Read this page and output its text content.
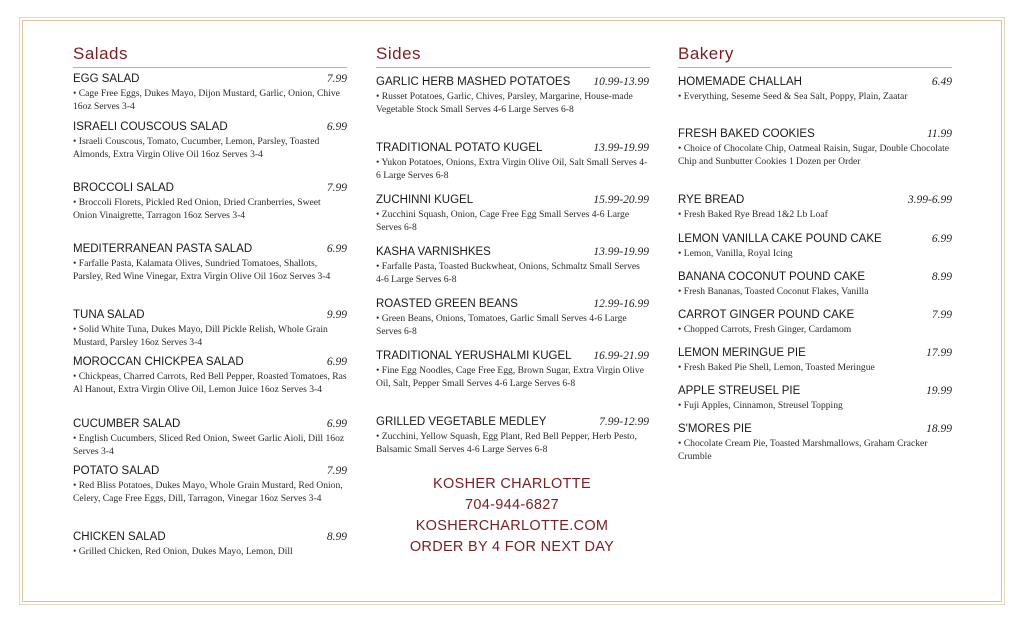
Salads
EGG SALAD	7.99
• Cage Free Eggs, Dukes Mayo, Dijon Mustard, Garlic, Onion, Chive 16oz Serves 3-4
ISRAELI COUSCOUS SALAD	6.99
• Israeli Couscous, Tomato, Cucumber, Lemon, Parsley, Toasted Almonds, Extra Virgin Olive Oil 16oz Serves 3-4
BROCCOLI SALAD	7.99
• Broccoli Florets, Pickled Red Onion, Dried Cranberries, Sweet Onion Vinaigrette, Tarragon 16oz Serves 3-4
MEDITERRANEAN PASTA SALAD	6.99
• Farfalle Pasta, Kalamata Olives, Sundried Tomatoes, Shallots, Parsley, Red Wine Vinegar, Extra Virgin Olive Oil 16oz Serves 3-4
TUNA SALAD	9.99
• Solid White Tuna, Dukes Mayo, Dill Pickle Relish, Whole Grain Mustard, Parsley 16oz Serves 3-4
MOROCCAN CHICKPEA SALAD	6.99
• Chickpeas, Charred Carrots, Red Bell Pepper, Roasted Tomatoes, Ras Al Hanout, Extra Virgin Olive Oil, Lemon Juice 16oz Serves 3-4
CUCUMBER SALAD	6.99
• English Cucumbers, Sliced Red Onion, Sweet Garlic Aioli, Dill 16oz Serves 3-4
POTATO SALAD	7.99
• Red Bliss Potatoes, Dukes Mayo, Whole Grain Mustard, Red Onion, Celery, Cage Free Eggs, Dill, Tarragon, Vinegar 16oz Serves 3-4
CHICKEN SALAD	8.99
• Grilled Chicken, Red Onion, Dukes Mayo, Lemon, Dill
Sides
GARLIC HERB MASHED POTATOES	10.99-13.99
• Russet Potatoes, Garlic, Chives, Parsley, Margarine, House-made Vegetable Stock Small Serves 4-6 Large Serves 6-8
TRADITIONAL POTATO KUGEL	13.99-19.99
• Yukon Potatoes, Onions, Extra Virgin Olive Oil, Salt Small Serves 4-6 Large Serves 6-8
ZUCHINNI KUGEL	15.99-20.99
• Zucchini Squash, Onion, Cage Free Egg Small Serves 4-6 Large Serves 6-8
KASHA VARNISHKES	13.99-19.99
• Farfalle Pasta, Toasted Buckwheat, Onions, Schmaltz Small Serves 4-6 Large Serves 6-8
ROASTED GREEN BEANS	12.99-16.99
• Green Beans, Onions, Tomatoes, Garlic Small Serves 4-6 Large Serves 6-8
TRADITIONAL YERUSHALMI KUGEL	16.99-21.99
• Fine Egg Noodles, Cage Free Egg, Brown Sugar, Extra Virgin Olive Oil, Salt, Pepper Small Serves 4-6 Large Serves 6-8
GRILLED VEGETABLE MEDLEY	7.99-12.99
• Zucchini, Yellow Squash, Egg Plant, Red Bell Pepper, Herb Pesto, Balsamic Small Serves 4-6 Large Serves 6-8
KOSHER CHARLOTTE
704-944-6827
KOSHERCHARLOTTE.COM
ORDER BY 4 FOR NEXT DAY
Bakery
HOMEMADE CHALLAH	6.49
• Everything, Seseme Seed & Sea Salt, Poppy, Plain, Zaatar
FRESH BAKED COOKIES	11.99
• Choice of Chocolate Chip, Oatmeal Raisin, Sugar, Double Chocolate Chip and Sunbutter Cookies 1 Dozen per Order
RYE BREAD	3.99-6.99
• Fresh Baked Rye Bread 1&2 Lb Loaf
LEMON VANILLA CAKE POUND CAKE	6.99
• Lemon, Vanilla, Royal Icing
BANANA COCONUT POUND CAKE	8.99
• Fresh Bananas, Toasted Coconut Flakes, Vanilla
CARROT GINGER POUND CAKE	7.99
• Chopped Carrots, Fresh Ginger, Cardamom
LEMON MERINGUE PIE	17.99
• Fresh Baked Pie Shell, Lemon, Toasted Meringue
APPLE STREUSEL PIE	19.99
• Fuji Apples, Cinnamon, Streusel Topping
S'MORES PIE	18.99
• Chocolate Cream Pie, Toasted Marshmallows, Graham Cracker Crumble
